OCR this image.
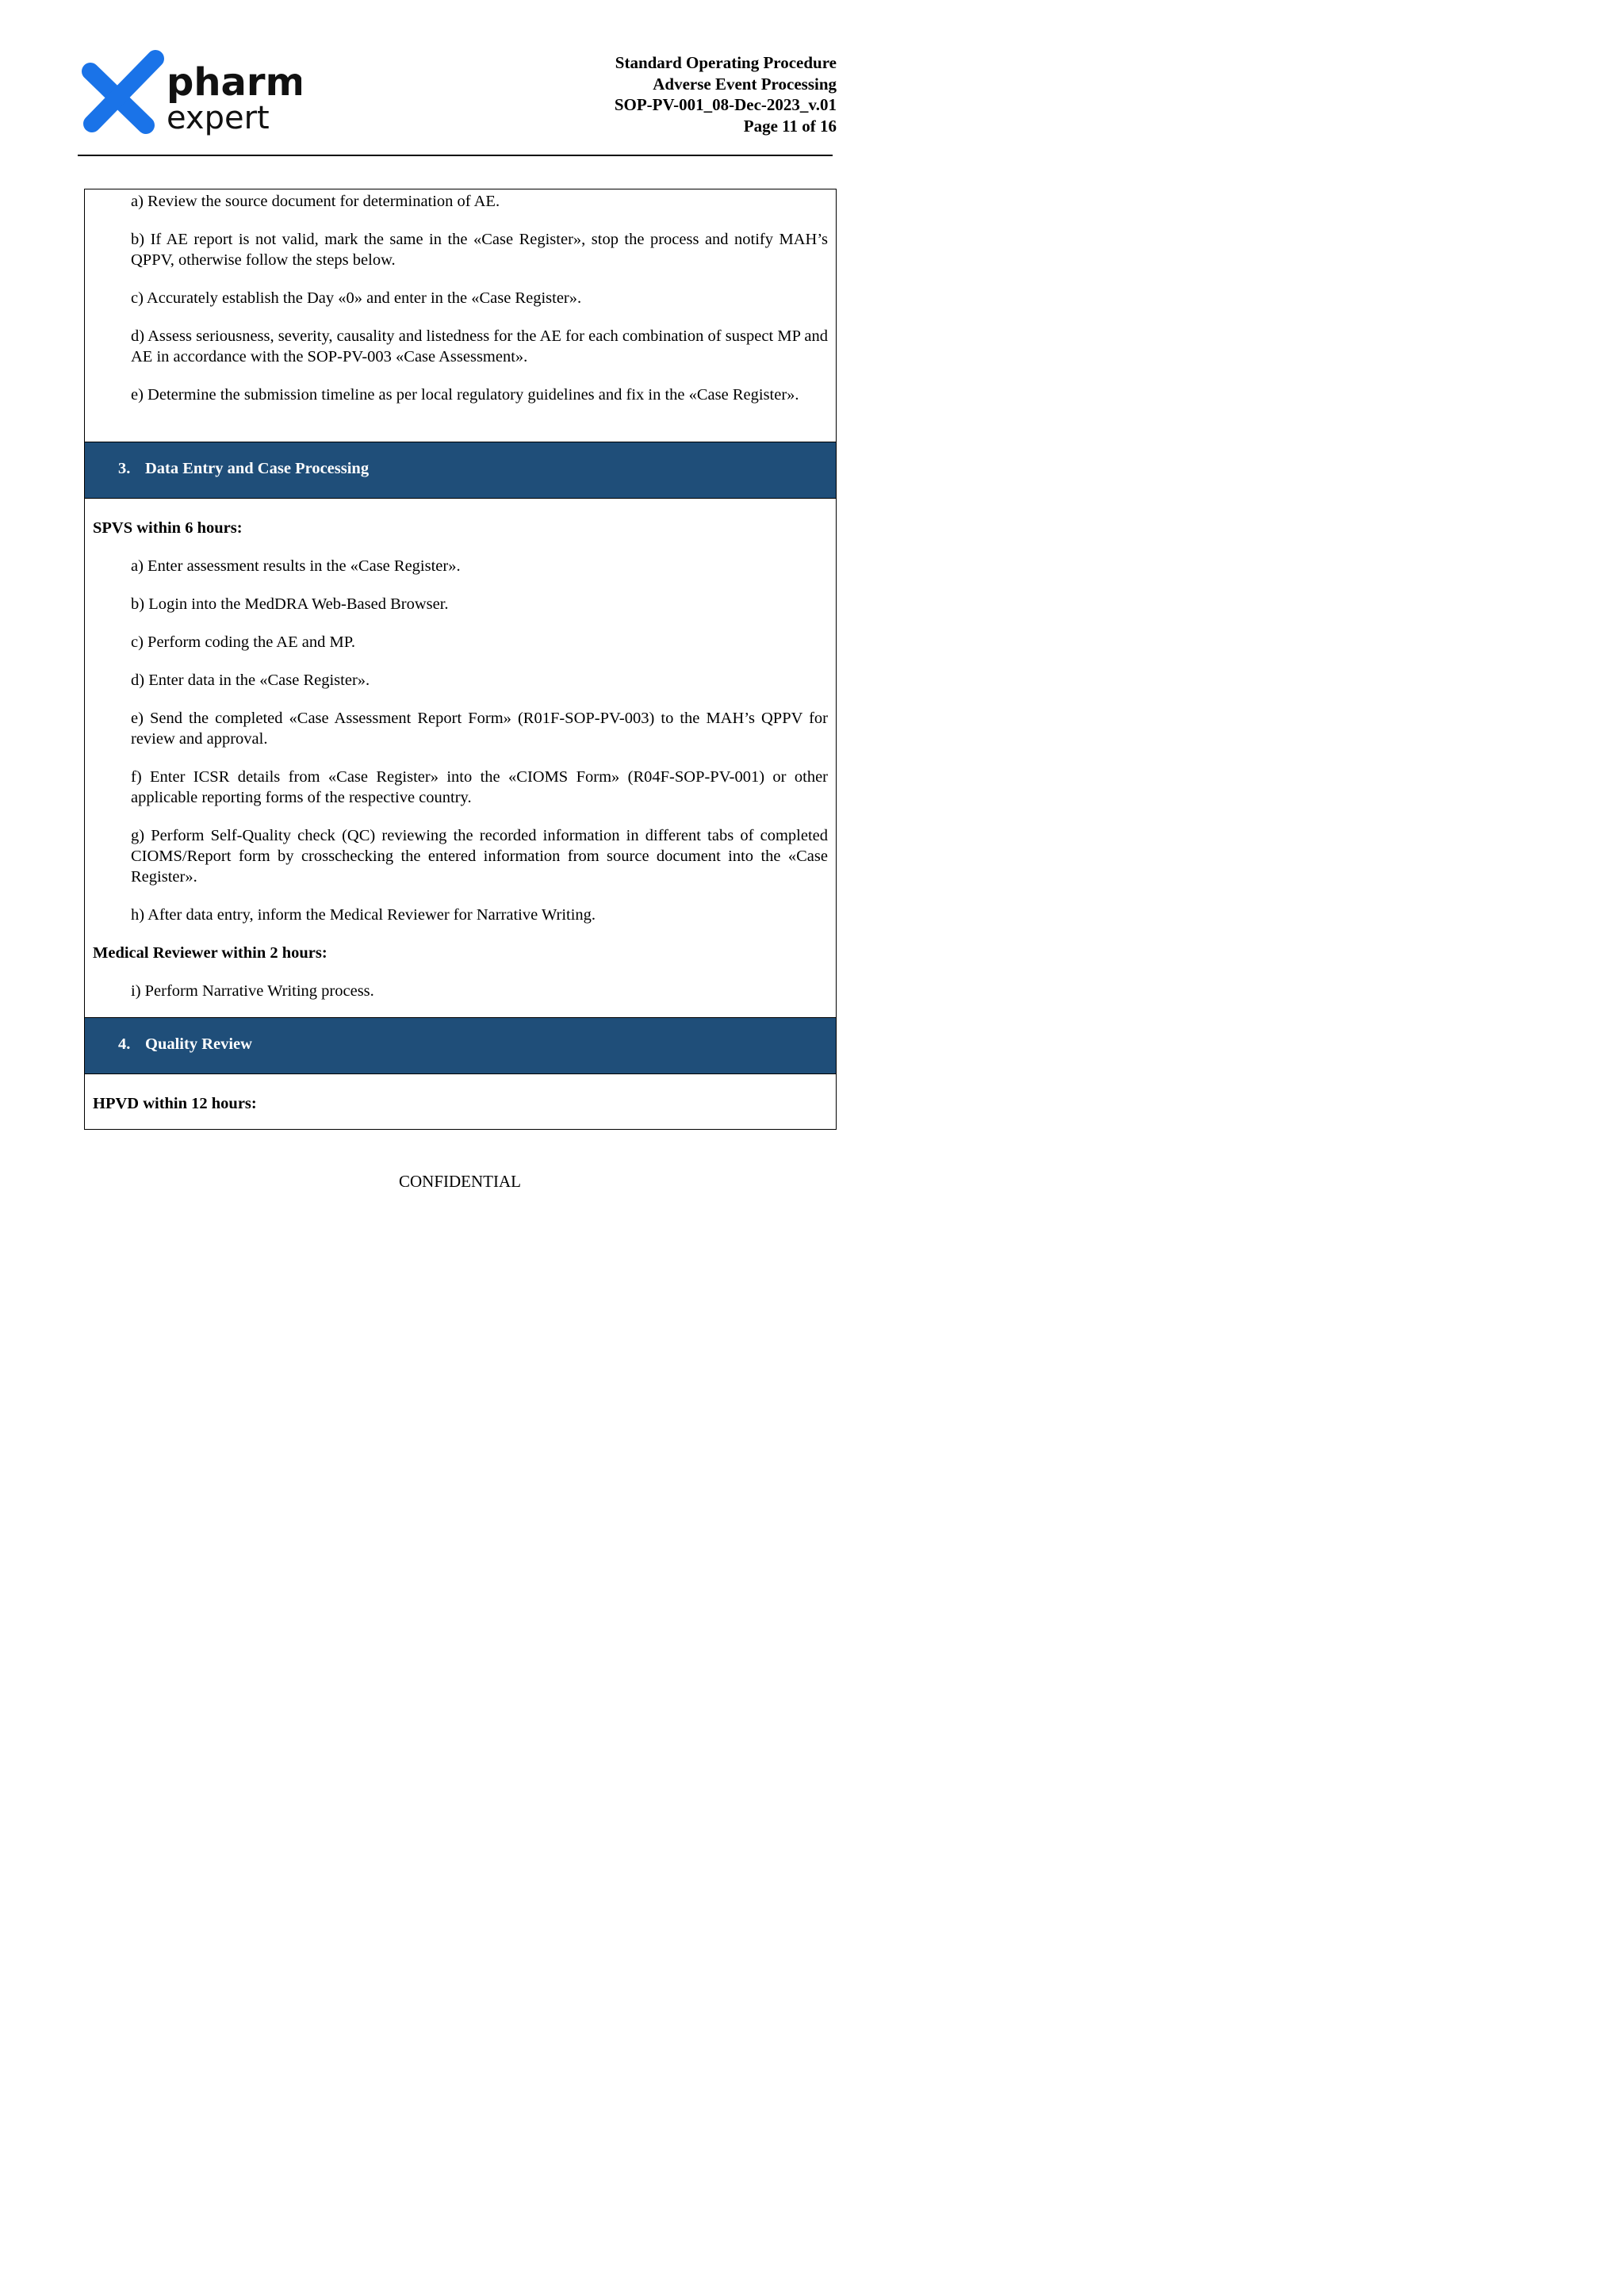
pharm
expert
Standard Operating Procedure
Adverse Event Processing
SOP-PV-001_08-Dec-2023_v.01
Page 11 of 16

a) Review the source document for determination of AE.

b) If AE report is not valid, mark the same in the «Case Register», stop the process and notify MAH’s QPPV, otherwise follow the steps below.

c) Accurately establish the Day «0» and enter in the «Case Register».

d) Assess seriousness, severity, causality and listedness for the AE for each combination of suspect MP and AE in accordance with the SOP-PV-003 «Case Assessment».

e) Determine the submission timeline as per local regulatory guidelines and fix in the «Case Register».

3. Data Entry and Case Processing
SPVS within 6 hours:

a) Enter assessment results in the «Case Register».

b) Login into the MedDRA Web-Based Browser.

c) Perform coding the AE and MP.

d) Enter data in the «Case Register».

e) Send the completed «Case Assessment Report Form» (R01F-SOP-PV-003) to the MAH’s QPPV for review and approval.

f) Enter ICSR details from «Case Register» into the «CIOMS Form» (R04F-SOP-PV-001) or other applicable reporting forms of the respective country.

g) Perform Self-Quality check (QC) reviewing the recorded information in different tabs of completed CIOMS/Report form by crosschecking the entered information from source document into the «Case Register».

h) After data entry, inform the Medical Reviewer for Narrative Writing.

Medical Reviewer within 2 hours:

i) Perform Narrative Writing process.

4. Quality Review
HPVD within 12 hours:
CONFIDENTIAL
